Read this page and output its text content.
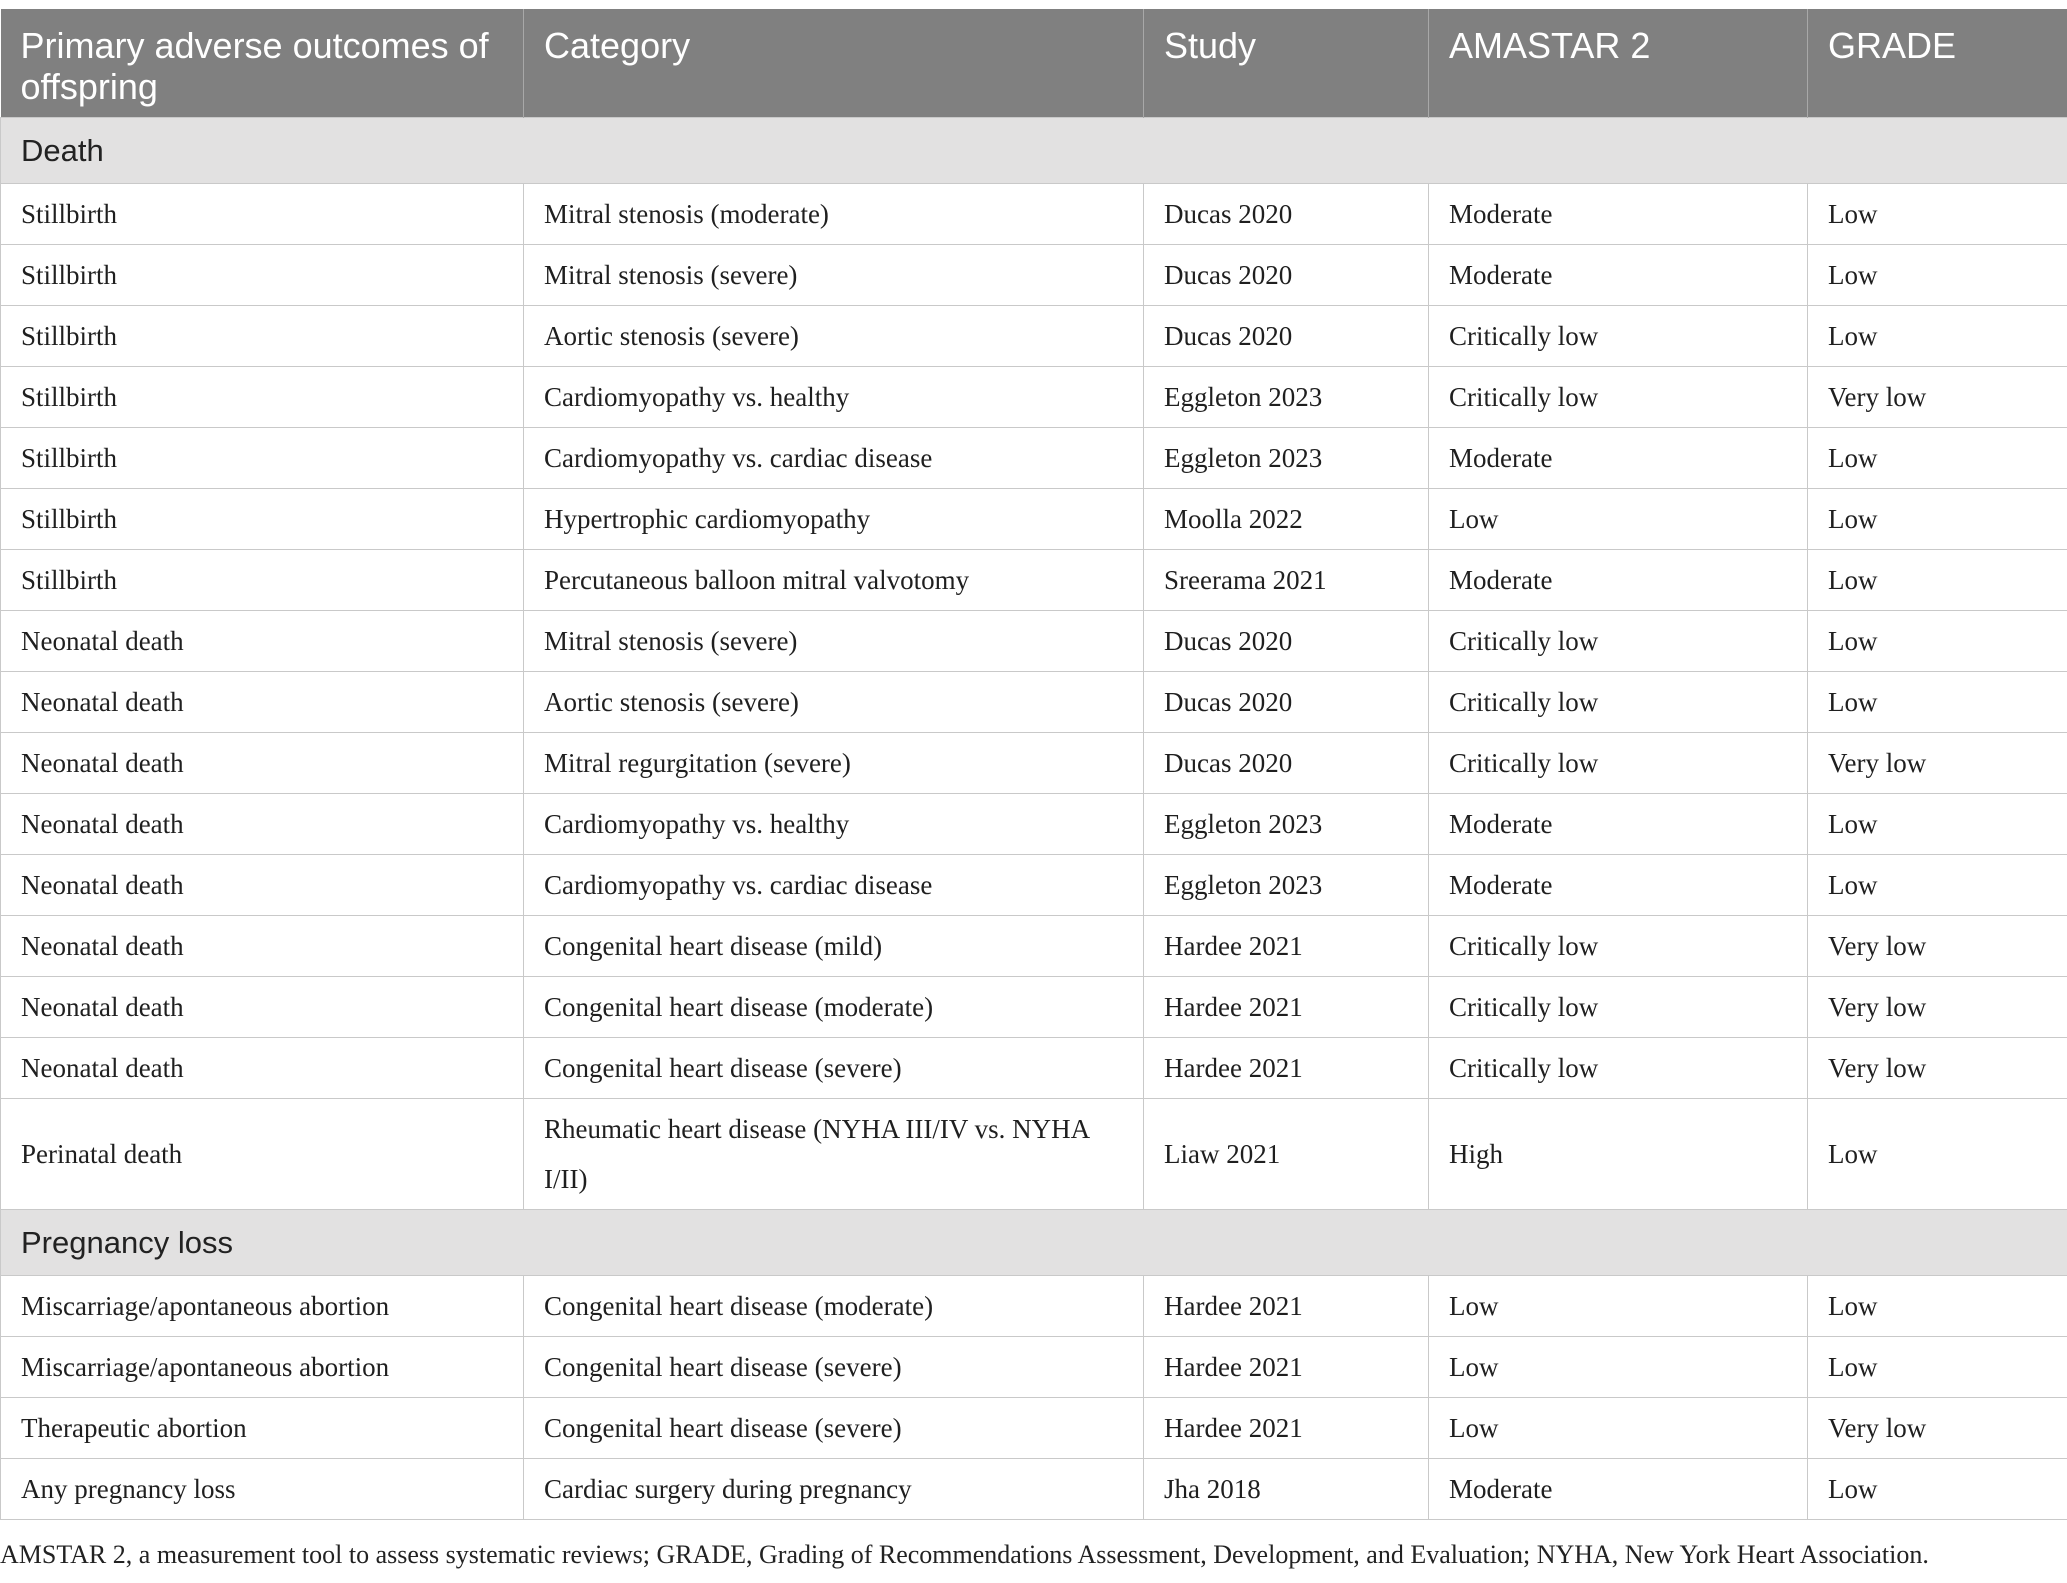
Primary adverse outcomes of offspring	Category	Study	AMASTAR 2	GRADE
Death				
Stillbirth	Mitral stenosis (moderate)	Ducas 2020	Moderate	Low
Stillbirth	Mitral stenosis (severe)	Ducas 2020	Moderate	Low
Stillbirth	Aortic stenosis (severe)	Ducas 2020	Critically low	Low
Stillbirth	Cardiomyopathy vs. healthy	Eggleton 2023	Critically low	Very low
Stillbirth	Cardiomyopathy vs. cardiac disease	Eggleton 2023	Moderate	Low
Stillbirth	Hypertrophic cardiomyopathy	Moolla 2022	Low	Low
Stillbirth	Percutaneous balloon mitral valvotomy	Sreerama 2021	Moderate	Low
Neonatal death	Mitral stenosis (severe)	Ducas 2020	Critically low	Low
Neonatal death	Aortic stenosis (severe)	Ducas 2020	Critically low	Low
Neonatal death	Mitral regurgitation (severe)	Ducas 2020	Critically low	Very low
Neonatal death	Cardiomyopathy vs. healthy	Eggleton 2023	Moderate	Low
Neonatal death	Cardiomyopathy vs. cardiac disease	Eggleton 2023	Moderate	Low
Neonatal death	Congenital heart disease (mild)	Hardee 2021	Critically low	Very low
Neonatal death	Congenital heart disease (moderate)	Hardee 2021	Critically low	Very low
Neonatal death	Congenital heart disease (severe)	Hardee 2021	Critically low	Very low
Perinatal death	Rheumatic heart disease (NYHA III/IV vs. NYHA I/II)	Liaw 2021	High	Low
Pregnancy loss				
Miscarriage/apontaneous abortion	Congenital heart disease (moderate)	Hardee 2021	Low	Low
Miscarriage/apontaneous abortion	Congenital heart disease (severe)	Hardee 2021	Low	Low
Therapeutic abortion	Congenital heart disease (severe)	Hardee 2021	Low	Very low
Any pregnancy loss	Cardiac surgery during pregnancy	Jha 2018	Moderate	Low
AMSTAR 2, a measurement tool to assess systematic reviews; GRADE, Grading of Recommendations Assessment, Development, and Evaluation; NYHA, New York Heart Association.
